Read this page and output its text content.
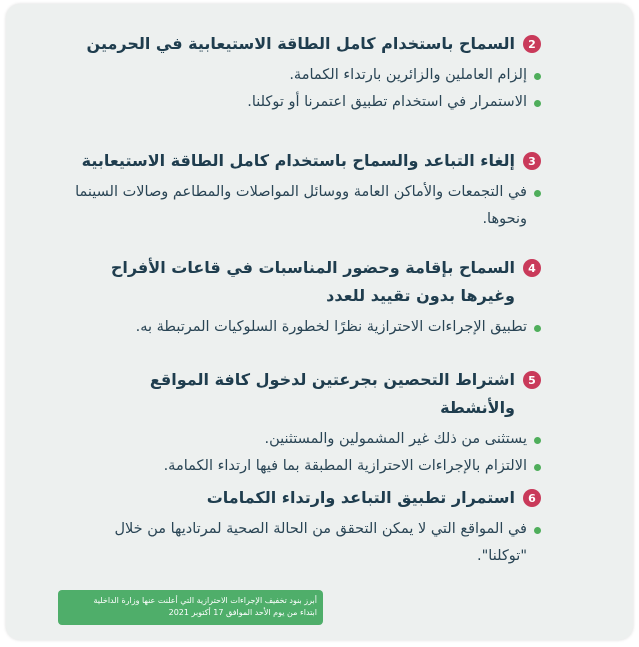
2
السماح باستخدام كامل الطاقة الاستيعابية في الحرمين
إلزام العاملين والزائرين بارتداء الكمامة.
الاستمرار في استخدام تطبيق اعتمرنا أو توكلنا.
3
إلغاء التباعد والسماح باستخدام كامل الطاقة الاستيعابية
في التجمعات والأماكن العامة ووسائل المواصلات والمطاعم وصالات السينما ونحوها.
4
السماح بإقامة وحضور المناسبات في قاعات الأفراح وغيرها بدون تقييد للعدد
تطبيق الإجراءات الاحترازية نظرًا لخطورة السلوكيات المرتبطة به.
5
اشتراط التحصين بجرعتين لدخول كافة المواقع والأنشطة
يستثنى من ذلك غير المشمولين والمستثنين.
الالتزام بالإجراءات الاحترازية المطبقة بما فيها ارتداء الكمامة.
6
استمرار تطبيق التباعد وارتداء الكمامات
في المواقع التي لا يمكن التحقق من الحالة الصحية لمرتاديها من خلال "توكلنا".
أبرز بنود تخفيف الإجراءات الاحترازية التي أعلنت عنها وزارة الداخلية
ابتداء من يوم الأحد الموافق 17 أكتوبر 2021
